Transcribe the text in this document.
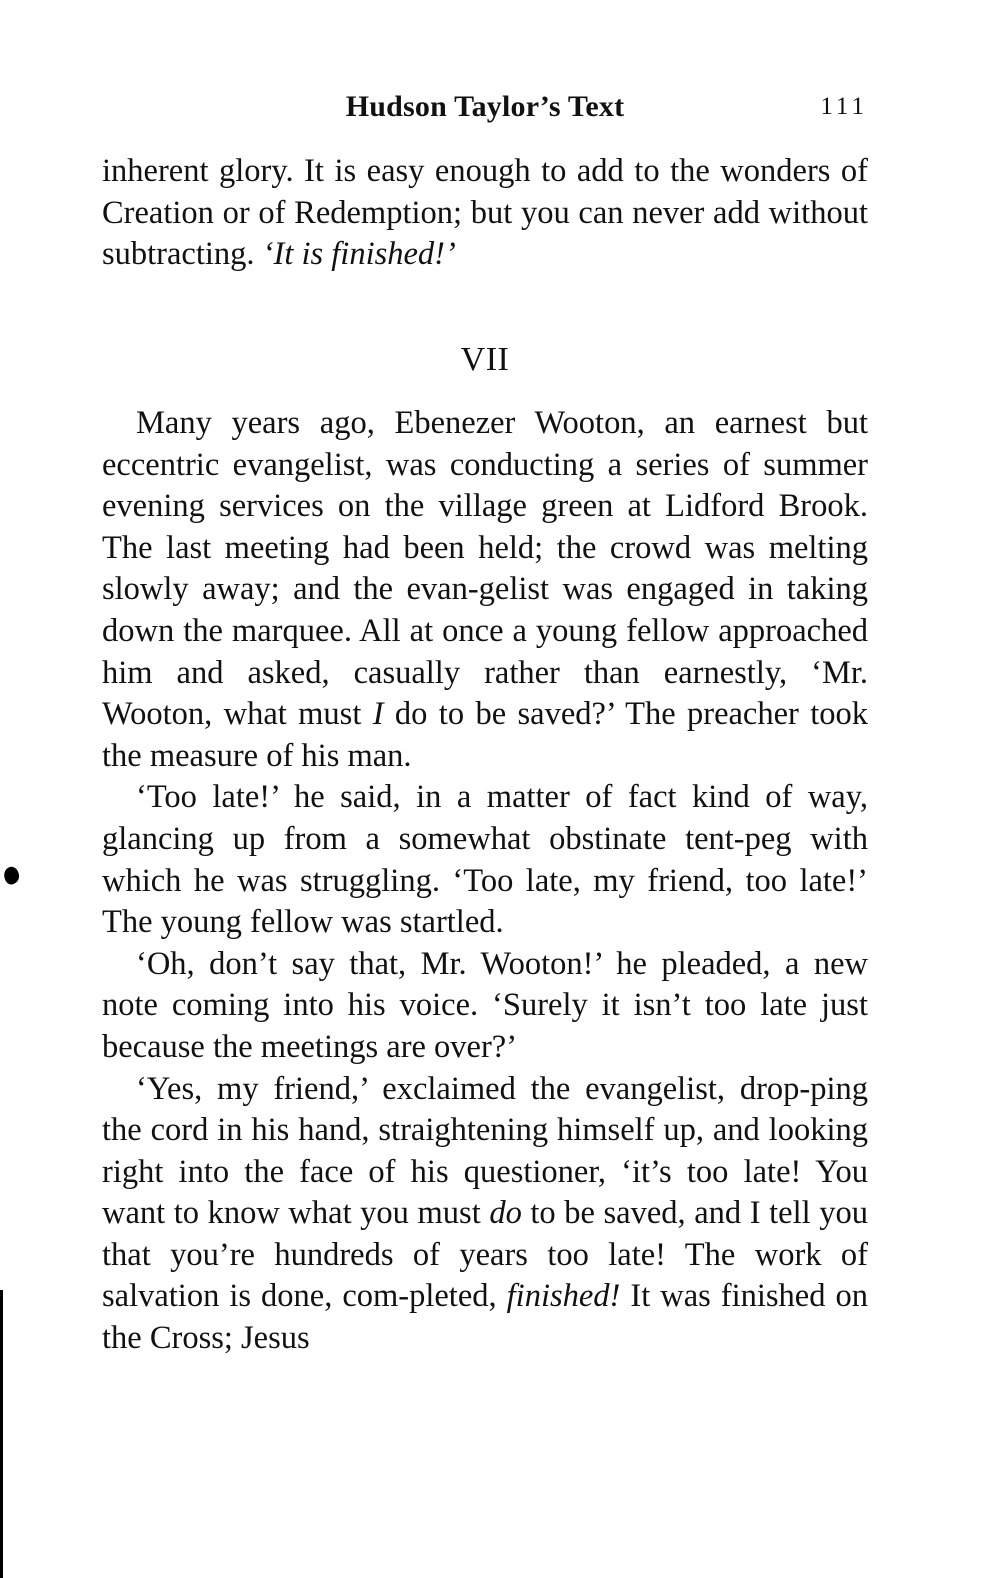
Hudson Taylor’s Text	111

inherent glory. It is easy enough to add to the wonders of Creation or of Redemption; but you can never add without subtracting. ‘It is finished!’

VII

Many years ago, Ebenezer Wooton, an earnest but eccentric evangelist, was conducting a series of summer evening services on the village green at Lidford Brook. The last meeting had been held; the crowd was melting slowly away; and the evan-gelist was engaged in taking down the marquee. All at once a young fellow approached him and asked, casually rather than earnestly, ‘Mr. Wooton, what must I do to be saved?’ The preacher took the measure of his man.

‘Too late!’ he said, in a matter of fact kind of way, glancing up from a somewhat obstinate tent-peg with which he was struggling. ‘Too late, my friend, too late!’ The young fellow was startled.

‘Oh, don’t say that, Mr. Wooton!’ he pleaded, a new note coming into his voice. ‘Surely it isn’t too late just because the meetings are over?’

‘Yes, my friend,’ exclaimed the evangelist, drop-ping the cord in his hand, straightening himself up, and looking right into the face of his questioner, ‘it’s too late! You want to know what you must do to be saved, and I tell you that you’re hundreds of years too late! The work of salvation is done, com-pleted, finished! It was finished on the Cross; Jesus
